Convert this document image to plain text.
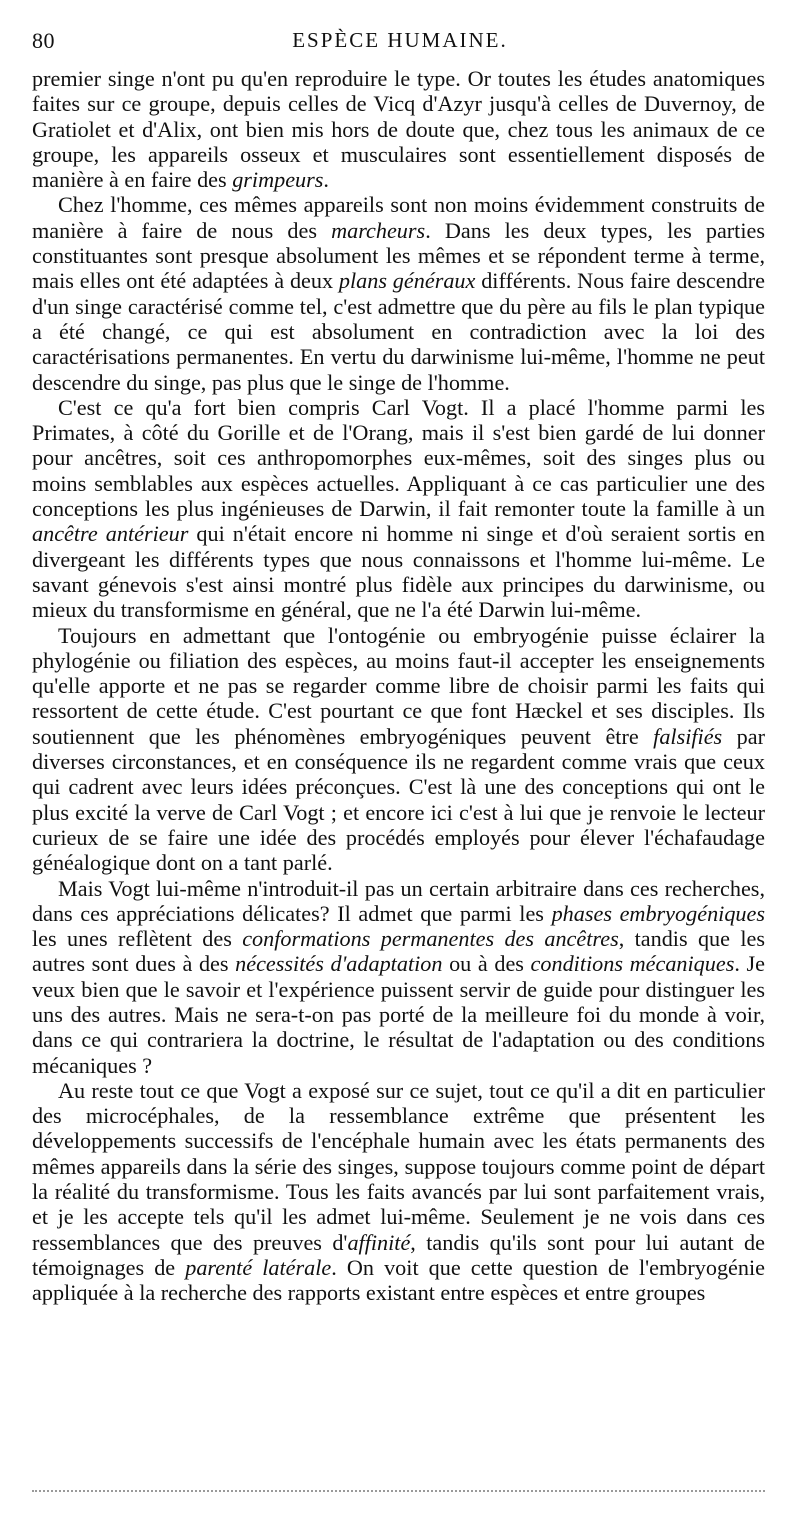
80	ESPÈCE HUMAINE.

premier singe n'ont pu qu'en reproduire le type. Or toutes les études anatomiques faites sur ce groupe, depuis celles de Vicq d'Azyr jusqu'à celles de Duvernoy, de Gratiolet et d'Alix, ont bien mis hors de doute que, chez tous les animaux de ce groupe, les appareils osseux et musculaires sont essentiellement disposés de manière à en faire des grimpeurs.

Chez l'homme, ces mêmes appareils sont non moins évidemment construits de manière à faire de nous des marcheurs. Dans les deux types, les parties constituantes sont presque absolument les mêmes et se répondent terme à terme, mais elles ont été adaptées à deux plans généraux différents. Nous faire descendre d'un singe caractérisé comme tel, c'est admettre que du père au fils le plan typique a été changé, ce qui est absolument en contradiction avec la loi des caractérisations permanentes. En vertu du darwinisme lui-même, l'homme ne peut descendre du singe, pas plus que le singe de l'homme.

C'est ce qu'a fort bien compris Carl Vogt. Il a placé l'homme parmi les Primates, à côté du Gorille et de l'Orang, mais il s'est bien gardé de lui donner pour ancêtres, soit ces anthropomorphes eux-mêmes, soit des singes plus ou moins semblables aux espèces actuelles. Appliquant à ce cas particulier une des conceptions les plus ingénieuses de Darwin, il fait remonter toute la famille à un ancêtre antérieur qui n'était encore ni homme ni singe et d'où seraient sortis en divergeant les différents types que nous connaissons et l'homme lui-même. Le savant génevois s'est ainsi montré plus fidèle aux principes du darwinisme, ou mieux du transformisme en général, que ne l'a été Darwin lui-même.

Toujours en admettant que l'ontogénie ou embryogénie puisse éclairer la phylogénie ou filiation des espèces, au moins faut-il accepter les enseignements qu'elle apporte et ne pas se regarder comme libre de choisir parmi les faits qui ressortent de cette étude. C'est pourtant ce que font Hæckel et ses disciples. Ils soutiennent que les phénomènes embryogéniques peuvent être falsifiés par diverses circonstances, et en conséquence ils ne regardent comme vrais que ceux qui cadrent avec leurs idées préconçues. C'est là une des conceptions qui ont le plus excité la verve de Carl Vogt ; et encore ici c'est à lui que je renvoie le lecteur curieux de se faire une idée des procédés employés pour élever l'échafaudage généalogique dont on a tant parlé.

Mais Vogt lui-même n'introduit-il pas un certain arbitraire dans ces recherches, dans ces appréciations délicates? Il admet que parmi les phases embryogéniques les unes reflètent des conformations permanentes des ancêtres, tandis que les autres sont dues à des nécessités d'adaptation ou à des conditions mécaniques. Je veux bien que le savoir et l'expérience puissent servir de guide pour distinguer les uns des autres. Mais ne sera-t-on pas porté de la meilleure foi du monde à voir, dans ce qui contrariera la doctrine, le résultat de l'adaptation ou des conditions mécaniques ?

Au reste tout ce que Vogt a exposé sur ce sujet, tout ce qu'il a dit en particulier des microcéphales, de la ressemblance extrême que présentent les développements successifs de l'encéphale humain avec les états permanents des mêmes appareils dans la série des singes, suppose toujours comme point de départ la réalité du transformisme. Tous les faits avancés par lui sont parfaitement vrais, et je les accepte tels qu'il les admet lui-même. Seulement je ne vois dans ces ressemblances que des preuves d'affinité, tandis qu'ils sont pour lui autant de témoignages de parenté latérale. On voit que cette question de l'embryogénie appliquée à la recherche des rapports existant entre espèces et entre groupes
